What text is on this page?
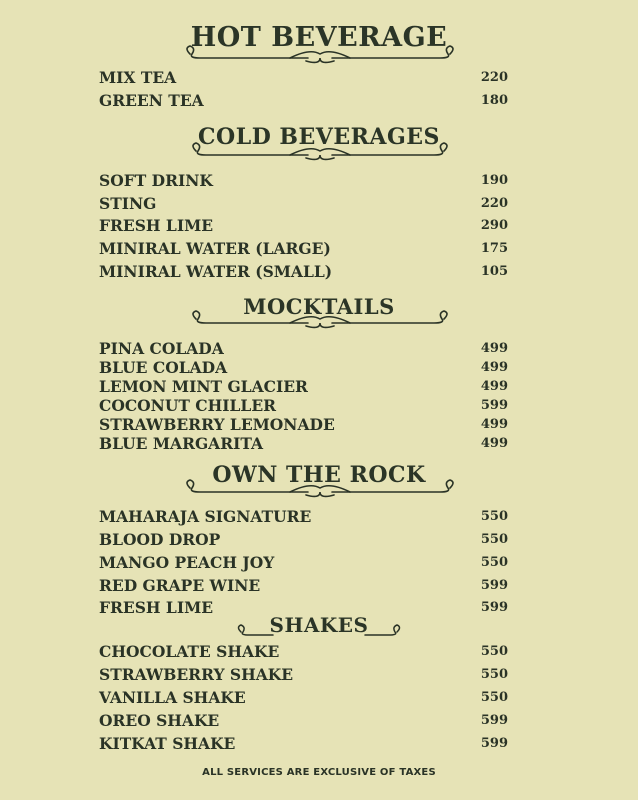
HOT BEVERAGE
MIX TEA	220
GREEN TEA	180
COLD BEVERAGES
SOFT DRINK	190
STING	220
FRESH LIME	290
MINIRAL WATER (LARGE)	175
MINIRAL WATER (SMALL)	105
MOCKTAILS
PINA COLADA	499
BLUE COLADA	499
LEMON MINT GLACIER	499
COCONUT CHILLER	599
STRAWBERRY LEMONADE	499
BLUE MARGARITA	499
OWN THE ROCK
MAHARAJA SIGNATURE	550
BLOOD DROP	550
MANGO PEACH JOY	550
RED GRAPE WINE	599
FRESH LIME	599
SHAKES
CHOCOLATE SHAKE	550
STRAWBERRY SHAKE	550
VANILLA SHAKE	550
OREO SHAKE	599
KITKAT SHAKE	599
ALL SERVICES ARE EXCLUSIVE OF TAXES
